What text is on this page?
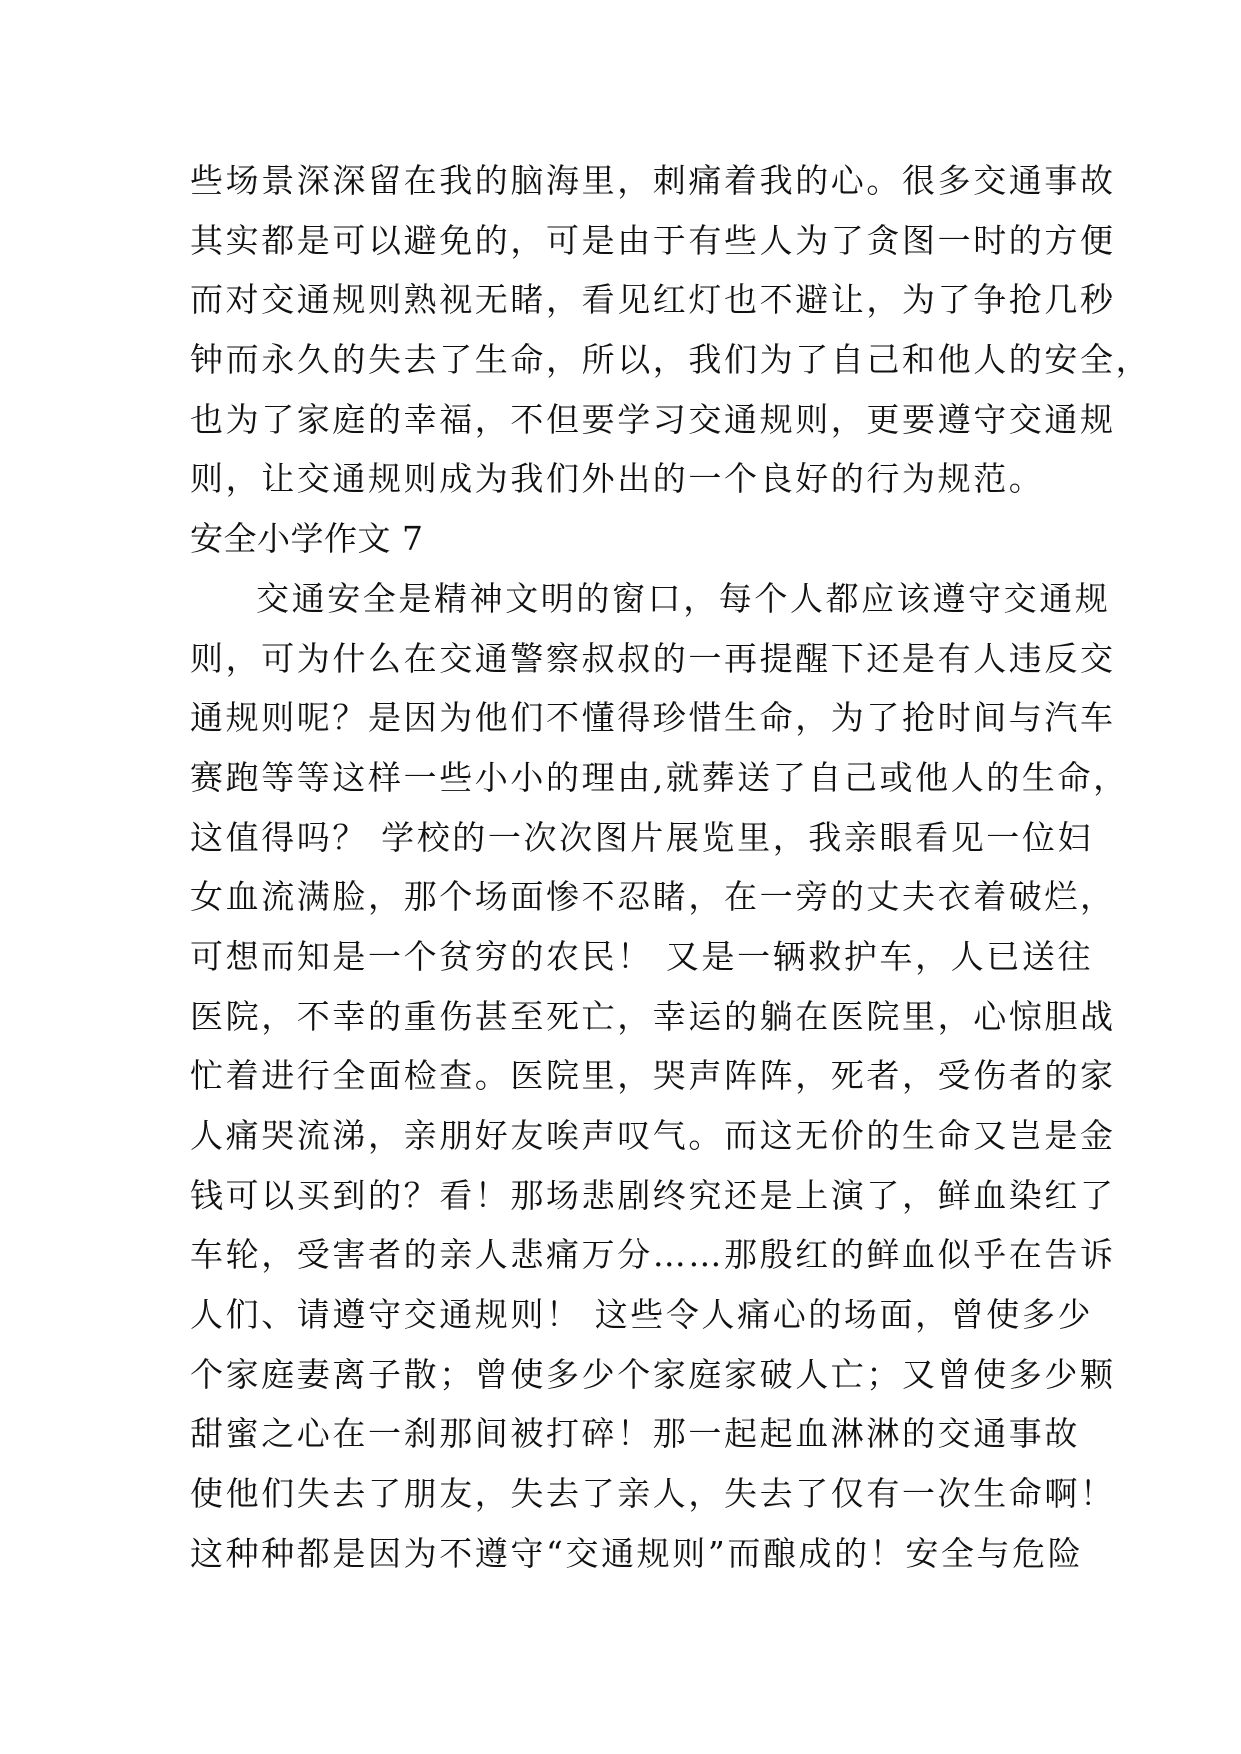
些场景深深留在我的脑海里，刺痛着我的心。很多交通事故
其实都是可以避免的，可是由于有些人为了贪图一时的方便
而对交通规则熟视无睹，看见红灯也不避让，为了争抢几秒
钟而永久的失去了生命，所以，我们为了自己和他人的安全，
也为了家庭的幸福，不但要学习交通规则，更要遵守交通规
则，让交通规则成为我们外出的一个良好的行为规范。
安全小学作文 7
交通安全是精神文明的窗口，每个人都应该遵守交通规
则，可为什么在交通警察叔叔的一再提醒下还是有人违反交
通规则呢？是因为他们不懂得珍惜生命，为了抢时间与汽车
赛跑等等这样一些小小的理由,就葬送了自己或他人的生命，
这值得吗？ 学校的一次次图片展览里，我亲眼看见一位妇
女血流满脸，那个场面惨不忍睹，在一旁的丈夫衣着破烂，
可想而知是一个贫穷的农民！ 又是一辆救护车，人已送往
医院，不幸的重伤甚至死亡，幸运的躺在医院里，心惊胆战
忙着进行全面检查。医院里，哭声阵阵，死者，受伤者的家
人痛哭流涕，亲朋好友唉声叹气。而这无价的生命又岂是金
钱可以买到的？看！那场悲剧终究还是上演了，鲜血染红了
车轮，受害者的亲人悲痛万分……那殷红的鲜血似乎在告诉
人们、请遵守交通规则！ 这些令人痛心的场面，曾使多少
个家庭妻离子散；曾使多少个家庭家破人亡；又曾使多少颗
甜蜜之心在一刹那间被打碎！那一起起血淋淋的交通事故
使他们失去了朋友，失去了亲人，失去了仅有一次生命啊！
这种种都是因为不遵守“交通规则”而酿成的！安全与危险
